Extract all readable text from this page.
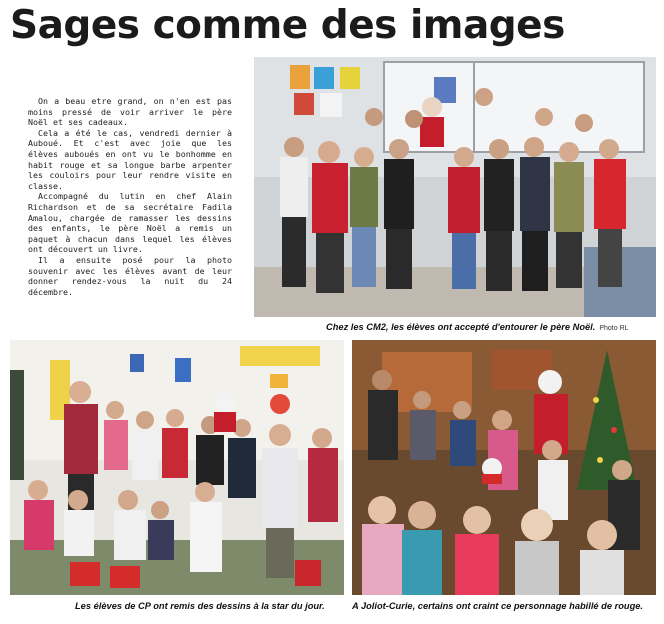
Sages comme des images

On a beau etre grand, on n'en est pas moins pressé de voir arriver le père Noël et ses cadeaux.

Cela a été le cas, vendredi dernier à Auboué. Et c'est avec joie que les élèves auboués en ont vu le bonhomme en habit rouge et sa longue barbe arpenter les couloirs pour leur rendre visite en classe.

Accompagné du lutin en chef Alain Richardson et de sa secrétaire Fadila Amalou, chargée de ramasser les dessins des enfants, le père Noël a remis un paquet à chacun dans lequel les élèves ont découvert un livre.

Il a ensuite posé pour la photo souvenir avec les élèves avant de leur donner rendez-vous la nuit du 24 décembre.

Chez les CM2, les élèves ont accepté d'entourer le père Noël. Photo RL
Les élèves de CP ont remis des dessins à la star du jour.	A Joliot-Curie, certains ont craint ce personnage habillé de rouge.
